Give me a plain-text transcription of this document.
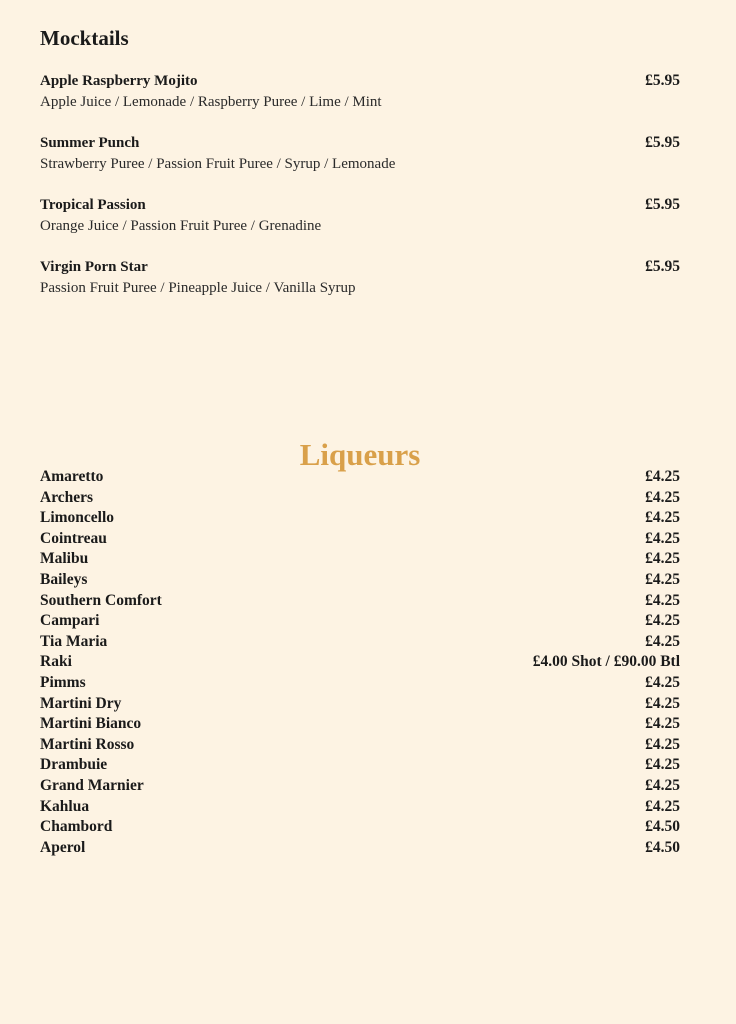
Mocktails
Apple Raspberry Mojito
Apple Juice / Lemonade / Raspberry Puree / Lime / Mint
£5.95
Summer Punch
Strawberry Puree / Passion Fruit Puree / Syrup / Lemonade
£5.95
Tropical Passion
Orange Juice / Passion Fruit Puree / Grenadine
£5.95
Virgin Porn Star
Passion Fruit Puree / Pineapple Juice / Vanilla Syrup
£5.95
Liqueurs
Amaretto	£4.25
Archers	£4.25
Limoncello	£4.25
Cointreau	£4.25
Malibu	£4.25
Baileys	£4.25
Southern Comfort	£4.25
Campari	£4.25
Tia Maria	£4.25
Raki	£4.00 Shot / £90.00 Btl
Pimms	£4.25
Martini Dry	£4.25
Martini Bianco	£4.25
Martini Rosso	£4.25
Drambuie	£4.25
Grand Marnier	£4.25
Kahlua	£4.25
Chambord	£4.50
Aperol	£4.50
